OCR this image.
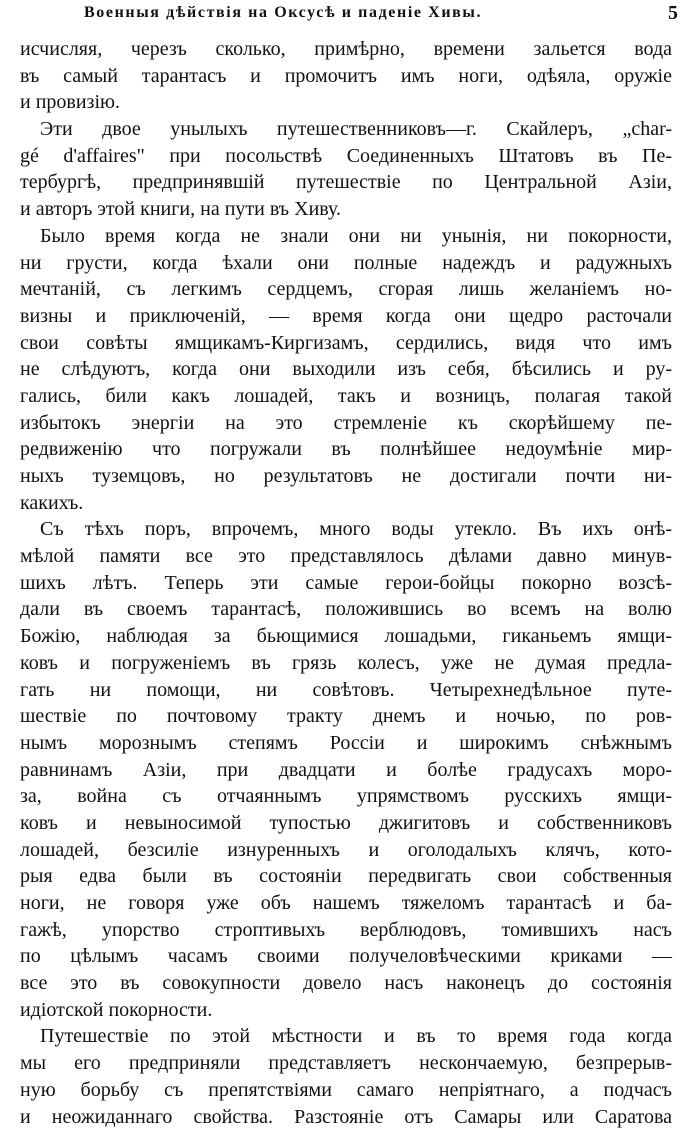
Военныя дѣйствія на Оксусѣ и паденіе Хивы.	5
исчисляя, черезъ сколько, примѣрно, времени зальется вода
въ самый тарантасъ и промочитъ имъ ноги, одѣяла, оружіе
и провизію.
Эти двое унылыхъ путешественниковъ—г. Скайлеръ, „char-
gé d'affaires" при посольствѣ Соединенныхъ Штатовъ въ Пе-
тербургѣ, предпринявшій путешествіе по Центральной Азіи,
и авторъ этой книги, на пути въ Хиву.
Было время когда не знали они ни унынія, ни покорности,
ни грусти, когда ѣхали они полные надеждъ и радужныхъ
мечтаній, съ легкимъ сердцемъ, сгорая лишь желаніемъ но-
визны и приключеній, — время когда они щедро расточали
свои совѣты ямщикамъ-Киргизамъ, сердились, видя что имъ
не слѣдуютъ, когда они выходили изъ себя, бѣсились и ру-
гались, били какъ лошадей, такъ и возницъ, полагая такой
избытокъ энергіи на это стремленіе къ скорѣйшему пе-
редвиженію что погружали въ полнѣйшее недоумѣніе мир-
ныхъ туземцовъ, но результатовъ не достигали почти ни-
какихъ.
Съ тѣхъ поръ, впрочемъ, много воды утекло. Въ ихъ онѣ-
мѣлой памяти все это представлялось дѣлами давно минув-
шихъ лѣтъ. Теперь эти самые герои-бойцы покорно возсѣ-
дали въ своемъ тарантасѣ, положившись во всемъ на волю
Божію, наблюдая за бьющимися лошадьми, гиканьемъ ямщи-
ковъ и погруженіемъ въ грязь колесъ, уже не думая предла-
гать ни помощи, ни совѣтовъ. Четырехнедѣльное путе-
шествіе по почтовому тракту днемъ и ночью, по ров-
нымъ морознымъ степямъ Россіи и широкимъ снѣжнымъ
равнинамъ Азіи, при двадцати и болѣе градусахъ моро-
за, война съ отчаяннымъ упрямствомъ русскихъ ямщи-
ковъ и невыносимой тупостью джигитовъ и собственниковъ
лошадей, безсиліе изнуренныхъ и оголодалыхъ клячъ, кото-
рыя едва были въ состояніи передвигать свои собственныя
ноги, не говоря уже объ нашемъ тяжеломъ тарантасѣ и ба-
гажѣ, упорство строптивыхъ верблюдовъ, томившихъ насъ
по цѣлымъ часамъ своими получеловѣческими криками —
все это въ совокупности довело насъ наконецъ до состоянія
идіотской покорности.
Путешествіе по этой мѣстности и въ то время года когда
мы его предприняли представляетъ нескончаемую, безпрерыв-
ную борьбу съ препятствіями самаго непріятнаго, а подчасъ
и неожиданнаго свойства. Разстояніе отъ Самары или Саратова
